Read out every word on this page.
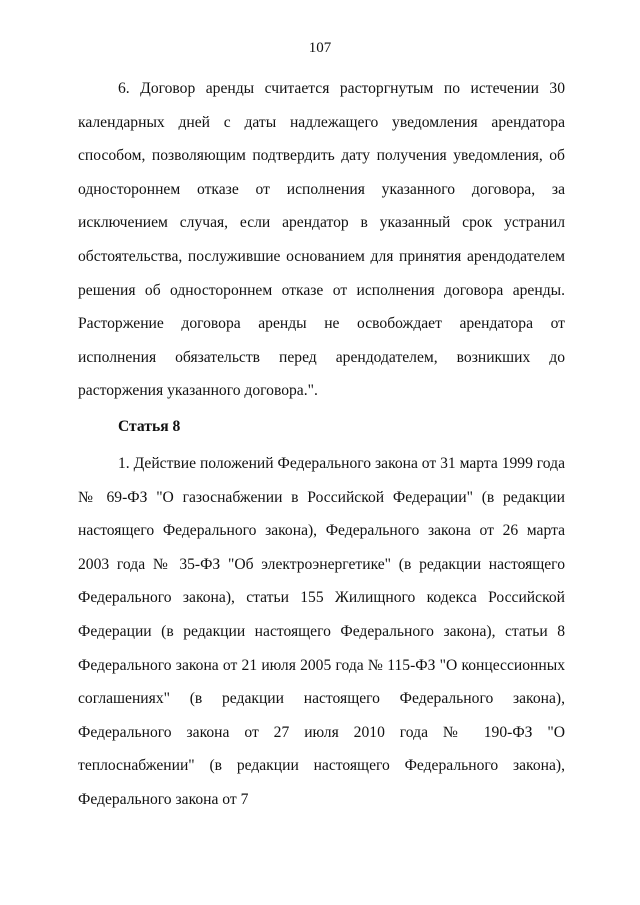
107

6. Договор аренды считается расторгнутым по истечении 30 календарных дней с даты надлежащего уведомления арендатора способом, позволяющим подтвердить дату получения уведомления, об одностороннем отказе от исполнения указанного договора, за исключением случая, если арендатор в указанный срок устранил обстоятельства, послужившие основанием для принятия арендодателем решения об одностороннем отказе от исполнения договора аренды. Расторжение договора аренды не освобождает арендатора от исполнения обязательств перед арендодателем, возникших до расторжения указанного договора.".

Статья 8

1. Действие положений Федерального закона от 31 марта 1999 года № 69-ФЗ "О газоснабжении в Российской Федерации" (в редакции настоящего Федерального закона), Федерального закона от 26 марта 2003 года № 35-ФЗ "Об электроэнергетике" (в редакции настоящего Федерального закона), статьи 155 Жилищного кодекса Российской Федерации (в редакции настоящего Федерального закона), статьи 8 Федерального закона от 21 июля 2005 года № 115-ФЗ "О концессионных соглашениях" (в редакции настоящего Федерального закона), Федерального закона от 27 июля 2010 года № 190-ФЗ "О теплоснабжении" (в редакции настоящего Федерального закона), Федерального закона от 7
